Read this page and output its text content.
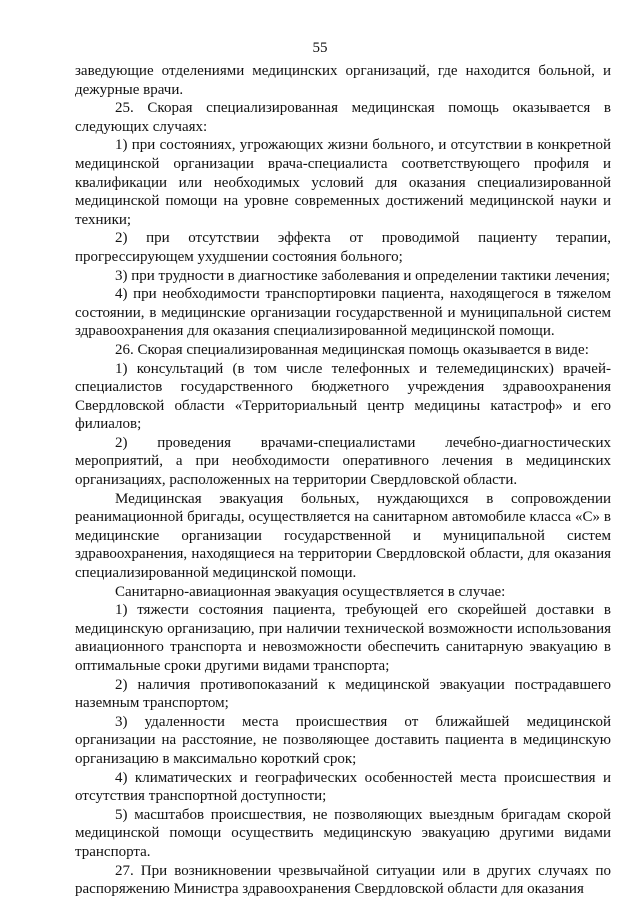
55

заведующие отделениями медицинских организаций, где находится больной, и дежурные врачи.

25. Скорая специализированная медицинская помощь оказывается в следующих случаях:

1) при состояниях, угрожающих жизни больного, и отсутствии в конкретной медицинской организации врача-специалиста соответствующего профиля и квалификации или необходимых условий для оказания специализированной медицинской помощи на уровне современных достижений медицинской науки и техники;

2) при отсутствии эффекта от проводимой пациенту терапии, прогрессирующем ухудшении состояния больного;

3) при трудности в диагностике заболевания и определении тактики лечения;

4) при необходимости транспортировки пациента, находящегося в тяжелом состоянии, в медицинские организации государственной и муниципальной систем здравоохранения для оказания специализированной медицинской помощи.

26. Скорая специализированная медицинская помощь оказывается в виде:

1) консультаций (в том числе телефонных и телемедицинских) врачей-специалистов государственного бюджетного учреждения здравоохранения Свердловской области «Территориальный центр медицины катастроф» и его филиалов;

2) проведения врачами-специалистами лечебно-диагностических мероприятий, а при необходимости оперативного лечения в медицинских организациях, расположенных на территории Свердловской области.

Медицинская эвакуация больных, нуждающихся в сопровождении реанимационной бригады, осуществляется на санитарном автомобиле класса «С» в медицинские организации государственной и муниципальной систем здравоохранения, находящиеся на территории Свердловской области, для оказания специализированной медицинской помощи.

Санитарно-авиационная эвакуация осуществляется в случае:

1) тяжести состояния пациента, требующей его скорейшей доставки в медицинскую организацию, при наличии технической возможности использования авиационного транспорта и невозможности обеспечить санитарную эвакуацию в оптимальные сроки другими видами транспорта;

2) наличия противопоказаний к медицинской эвакуации пострадавшего наземным транспортом;

3) удаленности места происшествия от ближайшей медицинской организации на расстояние, не позволяющее доставить пациента в медицинскую организацию в максимально короткий срок;

4) климатических и географических особенностей места происшествия и отсутствия транспортной доступности;

5) масштабов происшествия, не позволяющих выездным бригадам скорой медицинской помощи осуществить медицинскую эвакуацию другими видами транспорта.

27. При возникновении чрезвычайной ситуации или в других случаях по распоряжению Министра здравоохранения Свердловской области для оказания
